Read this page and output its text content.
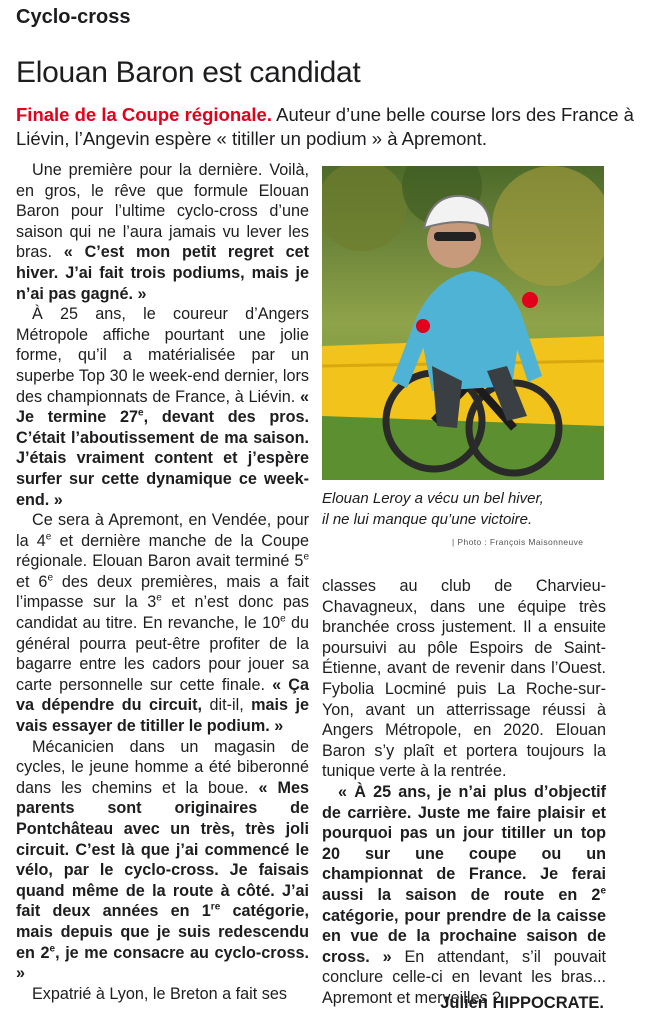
Cyclo-cross
Elouan Baron est candidat
Finale de la Coupe régionale. Auteur d’une belle course lors des France à Liévin, l’Angevin espère « titiller un podium » à Apremont.

Une première pour la dernière. Voilà, en gros, le rêve que formule Elouan Baron pour l’ultime cyclo-cross d’une saison qui ne l’aura jamais vu lever les bras. « C’est mon petit regret cet hiver. J’ai fait trois podiums, mais je n’ai pas gagné. »

À 25 ans, le coureur d’Angers Métropole affiche pourtant une jolie forme, qu’il a matérialisée par un superbe Top 30 le week-end dernier, lors des championnats de France, à Liévin. « Je termine 27e, devant des pros. C’était l’aboutissement de ma saison. J’étais vraiment content et j’espère surfer sur cette dynamique ce week-end. »

Ce sera à Apremont, en Vendée, pour la 4e et dernière manche de la Coupe régionale. Elouan Baron avait terminé 5e et 6e des deux premières, mais a fait l’impasse sur la 3e et n’est donc pas candidat au titre. En revanche, le 10e du général pourra peut-être profiter de la bagarre entre les cadors pour jouer sa carte personnelle sur cette finale. « Ça va dépendre du circuit, dit-il, mais je vais essayer de titiller le podium. »

Mécanicien dans un magasin de cycles, le jeune homme a été biberonné dans les chemins et la boue. « Mes parents sont originaires de Pontchâteau avec un très, très joli circuit. C’est là que j’ai commencé le vélo, par le cyclo-cross. Je faisais quand même de la route à côté. J’ai fait deux années en 1re catégorie, mais depuis que je suis redescendu en 2e, je me consacre au cyclo-cross. »

Expatrié à Lyon, le Breton a fait ses

Elouan Leroy a vécu un bel hiver,
il ne lui manque qu’une victoire.
| Photo : François Maisonneuve

classes au club de Charvieu-Chavagneux, dans une équipe très branchée cross justement. Il a ensuite poursuivi au pôle Espoirs de Saint-Étienne, avant de revenir dans l’Ouest. Fybolia Locminé puis La Roche-sur-Yon, avant un atterrissage réussi à Angers Métropole, en 2020. Elouan Baron s’y plaît et portera toujours la tunique verte à la rentrée.

« À 25 ans, je n’ai plus d’objectif de carrière. Juste me faire plaisir et pourquoi pas un jour titiller un top 20 sur une coupe ou un championnat de France. Je ferai aussi la saison de route en 2e catégorie, pour prendre de la caisse en vue de la prochaine saison de cross. » En attendant, s’il pouvait conclure celle-ci en levant les bras... Apremont et merveilles ?

Julien HIPPOCRATE.
